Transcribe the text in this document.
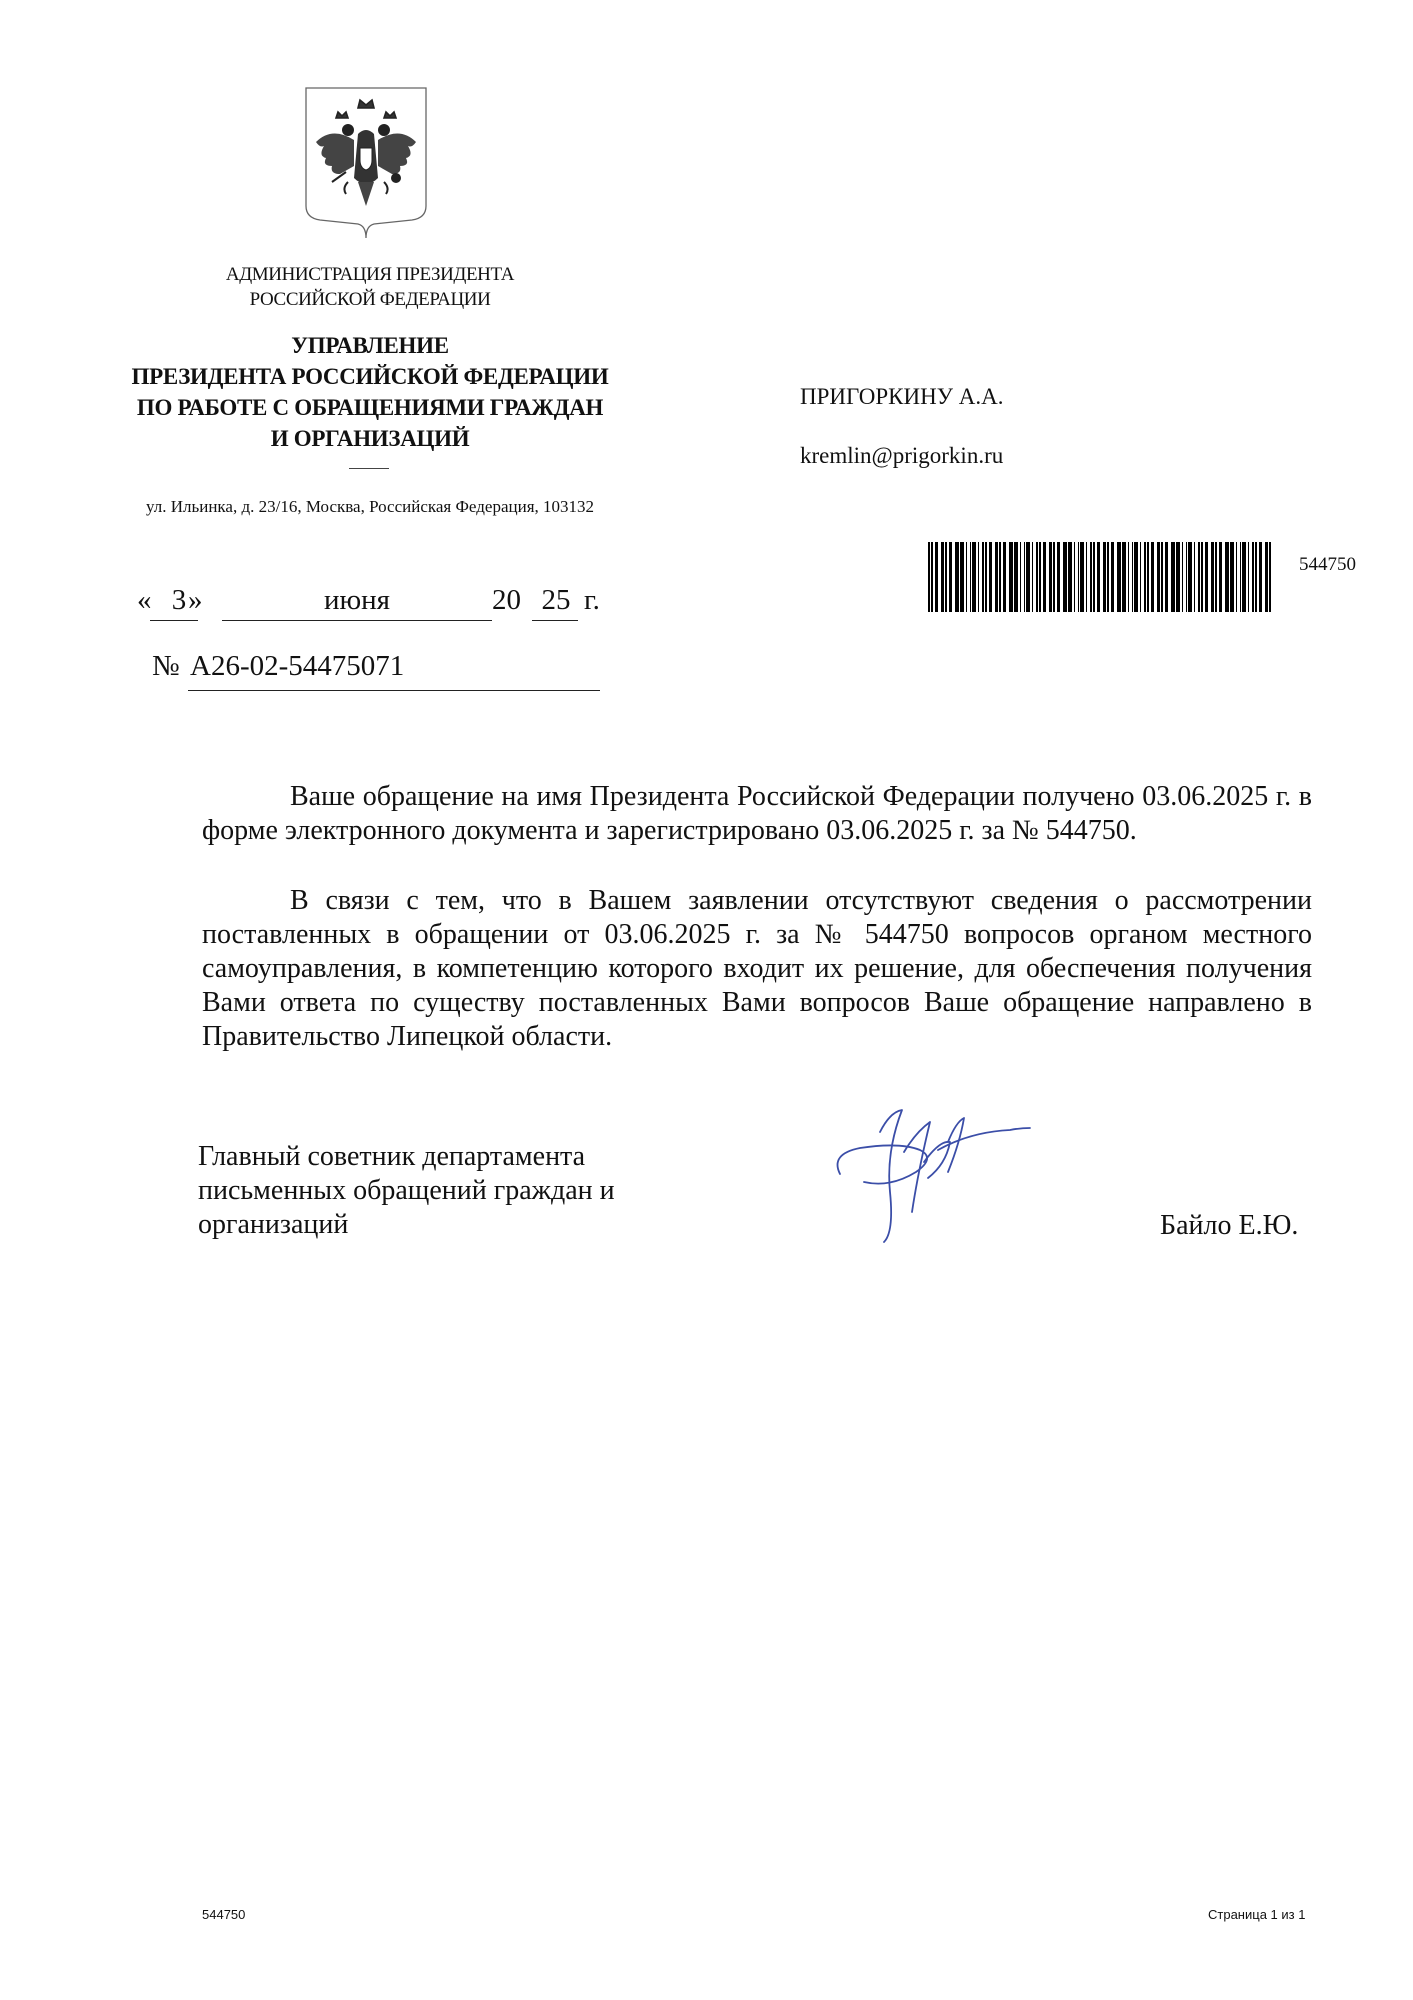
АДМИНИСТРАЦИЯ ПРЕЗИДЕНТА
РОССИЙСКОЙ ФЕДЕРАЦИИ
УПРАВЛЕНИЕ
ПРЕЗИДЕНТА РОССИЙСКОЙ ФЕДЕРАЦИИ
ПО РАБОТЕ С ОБРАЩЕНИЯМИ ГРАЖДАН
И ОРГАНИЗАЦИЙ
ул. Ильинка, д. 23/16, Москва, Российская Федерация, 103132
ПРИГОРКИНУ А.А.
kremlin@prigorkin.ru
544750
« 3 »	июня	20 25 г.
№ А26-02-54475071

Ваше обращение на имя Президента Российской Федерации получено 03.06.2025 г. в форме электронного документа и зарегистрировано 03.06.2025 г. за № 544750.

В связи с тем, что в Вашем заявлении отсутствуют сведения о рассмотрении поставленных в обращении от 03.06.2025 г. за № 544750 вопросов органом местного самоуправления, в компетенцию которого входит их решение, для обеспечения получения Вами ответа по существу поставленных Вами вопросов Ваше обращение направлено в Правительство Липецкой области.

Главный советник департамента
письменных обращений граждан и
организаций	Байло Е.Ю.
544750	Страница 1 из 1
